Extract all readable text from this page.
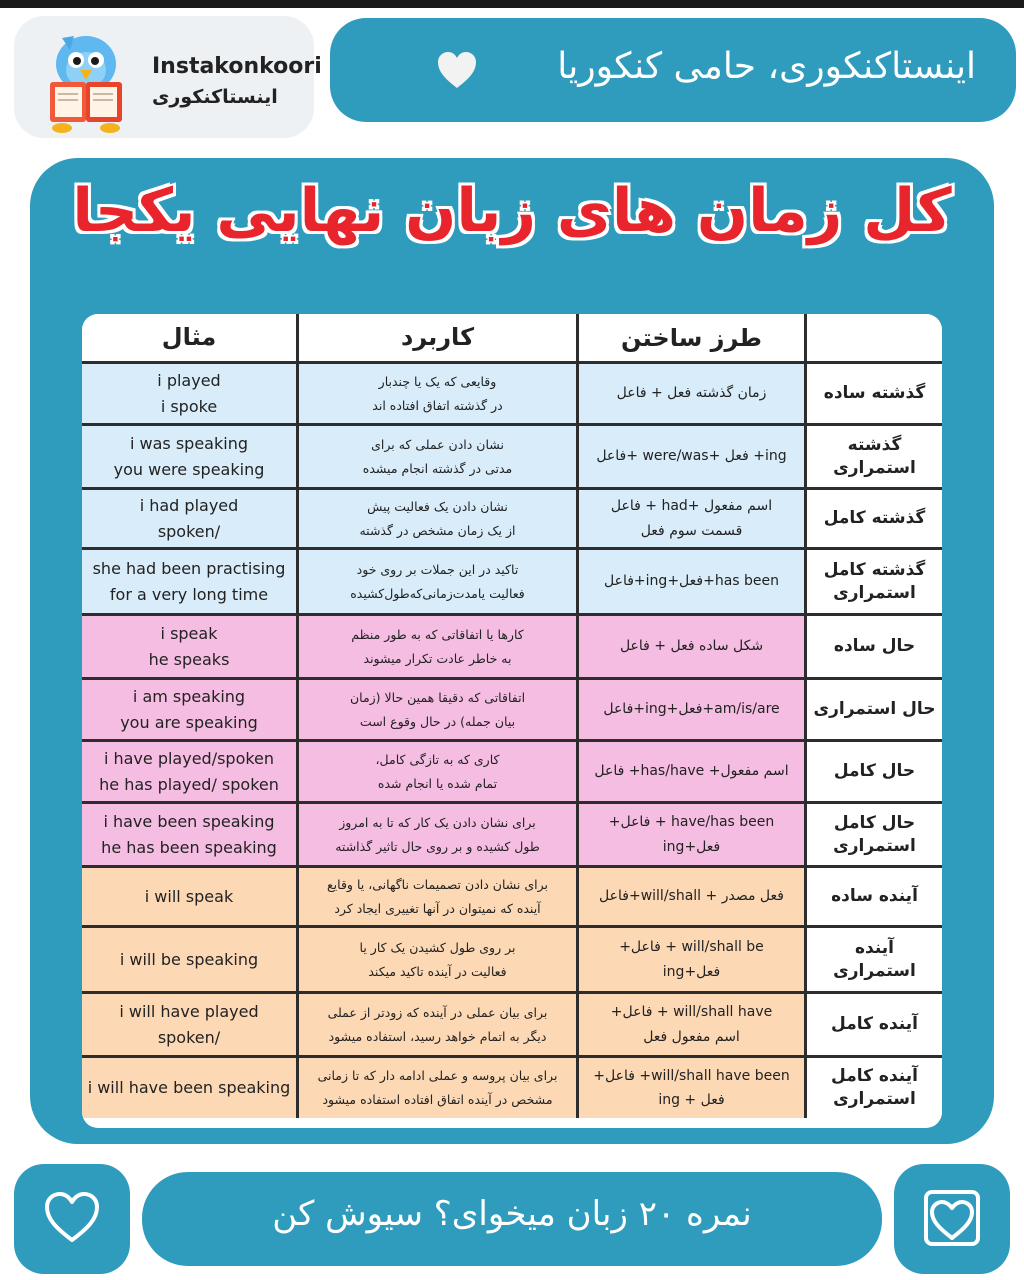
Instakonkoori
اینستاکنکوری
اینستاکنکوری، حامی کنکوریا
کل زمان های زبان نهایی یکجا
طرز ساختن
کاربرد
مثال
گذشته ساده
زمان گذشته فعل + فاعل
وقایعی که یک یا چندبار
در گذشته اتفاق افتاده اند
i played
i spoke
گذشته استمراری
ing+ فعل +were/was +فاعل
نشان دادن عملی که برای
مدتی در گذشته انجام میشده
i was speaking
you were speaking
گذشته کامل
اسم مفعول +had + فاعل
قسمت سوم فعل
نشان دادن یک فعالیت پیش
از یک زمان مشخص در گذشته
i had played
spoken/
گذشته کامل
استمراری
has been+فعل+ing+فاعل
تاکید در این جملات بر روی خود
فعالیت یامدت‌زمانی‌که‌طول‌کشیده
she had been practising
for a very long time
حال ساده
شکل ساده فعل + فاعل
کارها یا اتفاقاتی که به طور منظم
به خاطر عادت تکرار میشوند
i speak
he speaks
حال استمراری
am/is/are+فعل+ing+فاعل
اتفاقاتی که دقیقا همین حالا (زمان
بیان جمله) در حال وقوع است
i am speaking
you are speaking
حال کامل
اسم مفعول+ has/have+ فاعل
کاری که به تازگی کامل،
تمام شده یا انجام شده
i have played/spoken
he has played/ spoken
حال کامل
استمراری
have/has been + فاعل+
فعل+ing
برای نشان دادن یک کار که تا به امروز
طول کشیده و بر روی حال تاثیر گذاشته
i have been speaking
he has been speaking
آینده ساده
فعل مصدر + will/shall+فاعل
برای نشان دادن تصمیمات ناگهانی، یا وقایع
آینده که نمیتوان در آنها تغییری ایجاد کرد
i will speak
آینده استمراری
will/shall be + فاعل+
فعل+ing
بر روی طول کشیدن یک کار یا
فعالیت در آینده تاکید میکند
i will be speaking
آینده کامل
will/shall have + فاعل+
اسم مفعول فعل
برای بیان عملی در آینده که زودتر از عملی
دیگر به اتمام خواهد رسید، استفاده میشود
i will have played
spoken/
آینده کامل
استمراری
will/shall have been+ فاعل+
فعل + ing
برای بیان پروسه و عملی ادامه دار که تا زمانی
مشخص در آینده اتفاق افتاده استفاده میشود
i will have been speaking
نمره ۲۰ زبان میخوای؟ سیوش کن
